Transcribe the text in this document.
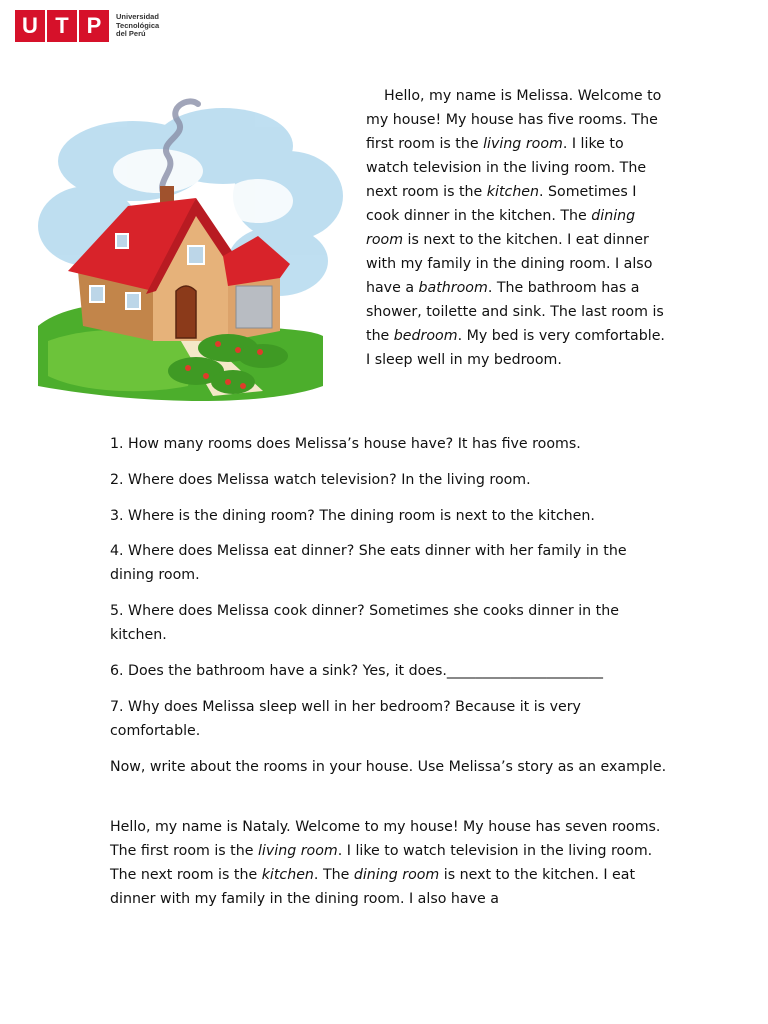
U T P	Universidad
Tecnológica
del Perú

Hello, my name is Melissa. Welcome to my house! My house has five rooms. The first room is the living room. I like to watch television in the living room. The next room is the kitchen. Sometimes I cook dinner in the kitchen. The dining room is next to the kitchen. I eat dinner with my family in the dining room. I also have a bathroom. The bathroom has a shower, toilette and sink. The last room is the bedroom. My bed is very comfortable. I sleep well in my bedroom.

1. How many rooms does Melissa’s house have? It has five rooms.

2. Where does Melissa watch television? In the living room.

3. Where is the dining room? The dining room is next to the kitchen.

4. Where does Melissa eat dinner? She eats dinner with her family in the dining room.

5. Where does Melissa cook dinner? Sometimes she cooks dinner in the kitchen.

6. Does the bathroom have a sink? Yes, it does.______________________

7. Why does Melissa sleep well in her bedroom? Because it is very comfortable.

Now, write about the rooms in your house. Use Melissa’s story as an example.

Hello, my name is Nataly. Welcome to my house! My house has seven rooms. The first room is the living room. I like to watch television in the living room. The next room is the kitchen. The dining room is next to the kitchen. I eat dinner with my family in the dining room. I also have a
